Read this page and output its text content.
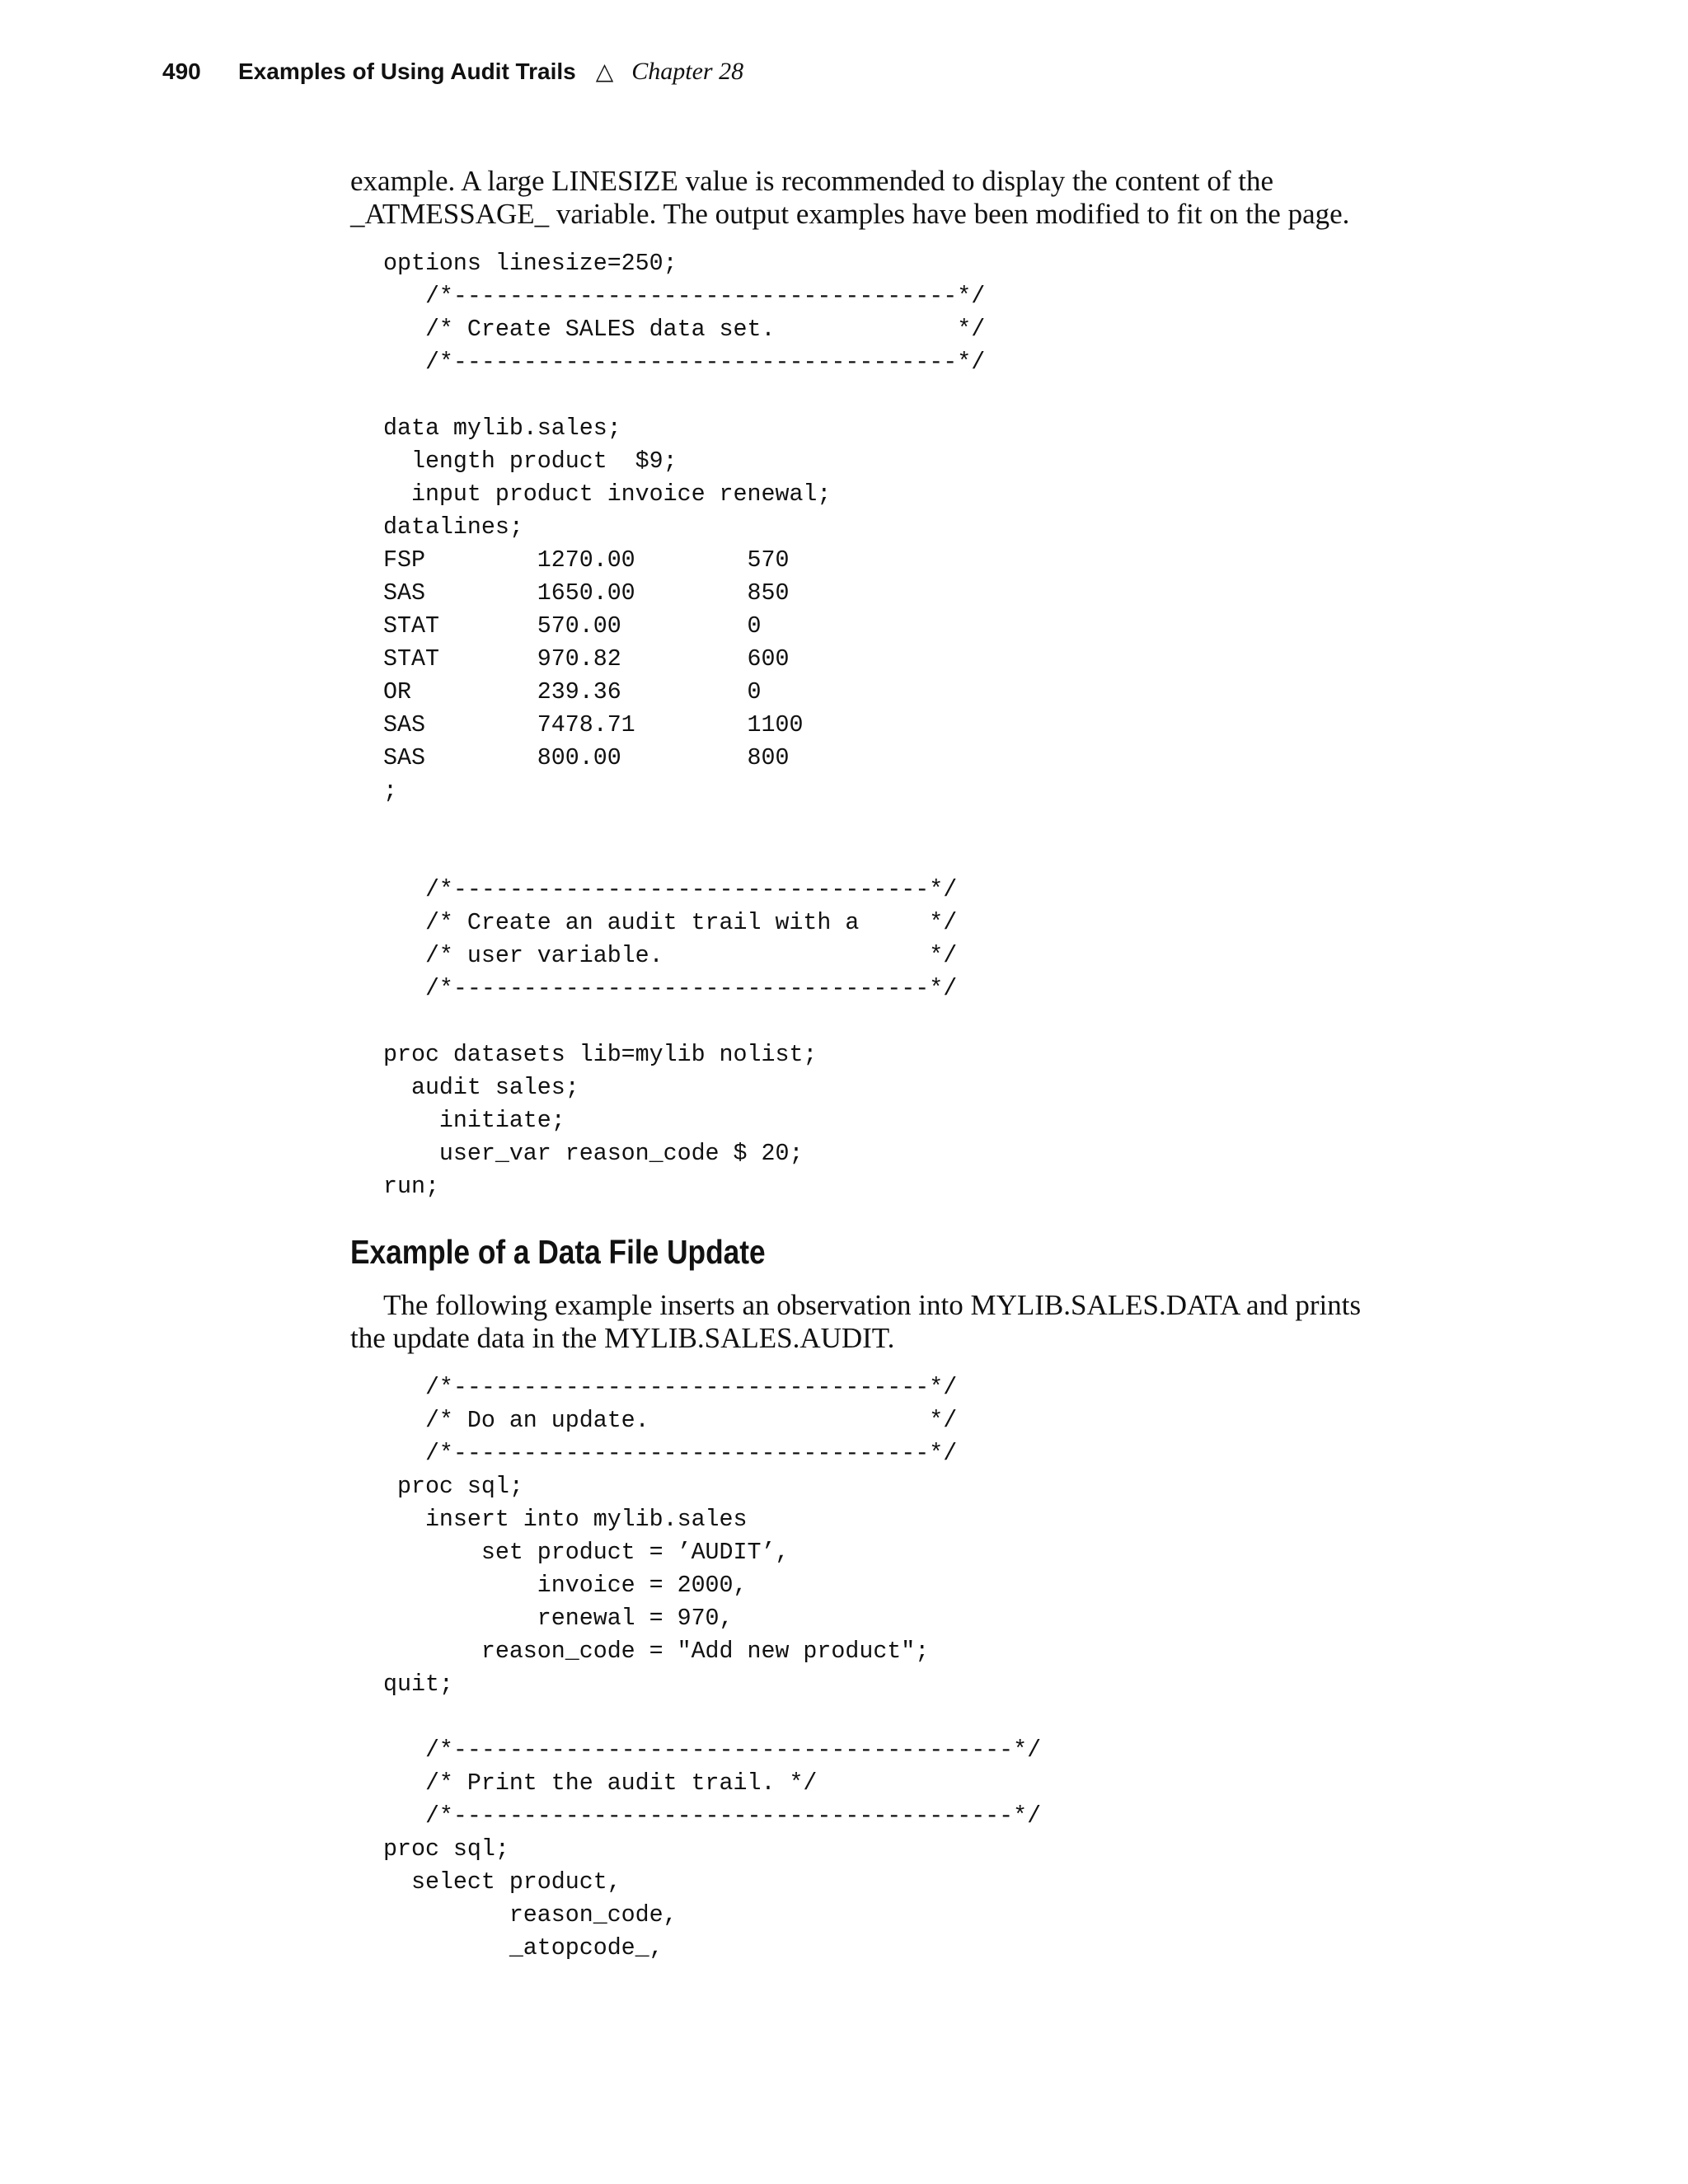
490 Examples of Using Audit Trails △ Chapter 28

example. A large LINESIZE value is recommended to display the content of the
_ATMESSAGE_ variable. The output examples have been modified to fit on the page.

options linesize=250;
/*------------------------------------*/
/* Create SALES data set.             */
/*------------------------------------*/

data mylib.sales;
length product  $9;
input product invoice renewal;
datalines;
FSP        1270.00        570
SAS        1650.00        850
STAT       570.00         0
STAT       970.82         600
OR         239.36         0
SAS        7478.71        1100
SAS        800.00         800
;
/*----------------------------------*/
/* Create an audit trail with a     */
/* user variable.                   */
/*----------------------------------*/

proc datasets lib=mylib nolist;
audit sales;
initiate;
user_var reason_code $ 20;
run;
Example of a Data File Update

The following example inserts an observation into MYLIB.SALES.DATA and prints
the update data in the MYLIB.SALES.AUDIT.

/*----------------------------------*/
/* Do an update.                    */
/*----------------------------------*/
proc sql;
insert into mylib.sales
set product = ’AUDIT’,
invoice = 2000,
renewal = 970,
reason_code = "Add new product";
quit;
/*----------------------------------------*/
/* Print the audit trail. */
/*----------------------------------------*/
proc sql;
select product,
reason_code,
_atopcode_,
